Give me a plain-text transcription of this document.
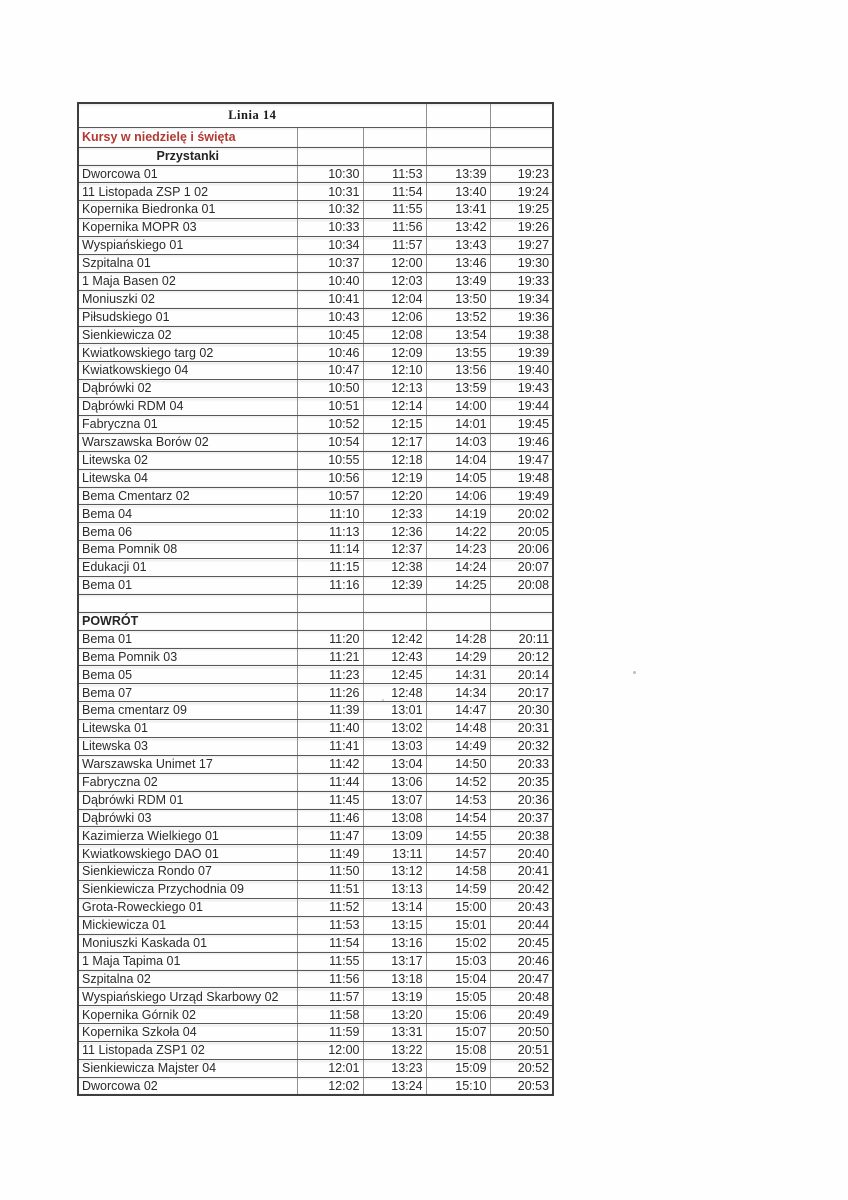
Linia 14				
Kursy w niedzielę i święta				
Przystanki				
Dworcowa 01	10:30	11:53	13:39	19:23
11 Listopada ZSP 1 02	10:31	11:54	13:40	19:24
Kopernika Biedronka 01	10:32	11:55	13:41	19:25
Kopernika MOPR 03	10:33	11:56	13:42	19:26
Wyspiańskiego 01	10:34	11:57	13:43	19:27
Szpitalna 01	10:37	12:00	13:46	19:30
1 Maja Basen 02	10:40	12:03	13:49	19:33
Moniuszki 02	10:41	12:04	13:50	19:34
Piłsudskiego 01	10:43	12:06	13:52	19:36
Sienkiewicza 02	10:45	12:08	13:54	19:38
Kwiatkowskiego targ 02	10:46	12:09	13:55	19:39
Kwiatkowskiego 04	10:47	12:10	13:56	19:40
Dąbrówki 02	10:50	12:13	13:59	19:43
Dąbrówki RDM 04	10:51	12:14	14:00	19:44
Fabryczna 01	10:52	12:15	14:01	19:45
Warszawska Borów 02	10:54	12:17	14:03	19:46
Litewska 02	10:55	12:18	14:04	19:47
Litewska 04	10:56	12:19	14:05	19:48
Bema Cmentarz 02	10:57	12:20	14:06	19:49
Bema 04	11:10	12:33	14:19	20:02
Bema 06	11:13	12:36	14:22	20:05
Bema Pomnik 08	11:14	12:37	14:23	20:06
Edukacji 01	11:15	12:38	14:24	20:07
Bema 01	11:16	12:39	14:25	20:08

POWRÓT				
Bema 01	11:20	12:42	14:28	20:11
Bema Pomnik 03	11:21	12:43	14:29	20:12
Bema 05	11:23	12:45	14:31	20:14
Bema 07	11:26	12:48	14:34	20:17
Bema cmentarz 09	11:39	13:01	14:47	20:30
Litewska 01	11:40	13:02	14:48	20:31
Litewska 03	11:41	13:03	14:49	20:32
Warszawska Unimet 17	11:42	13:04	14:50	20:33
Fabryczna 02	11:44	13:06	14:52	20:35
Dąbrówki RDM 01	11:45	13:07	14:53	20:36
Dąbrówki 03	11:46	13:08	14:54	20:37
Kazimierza Wielkiego 01	11:47	13:09	14:55	20:38
Kwiatkowskiego DAO 01	11:49	13:11	14:57	20:40
Sienkiewicza Rondo 07	11:50	13:12	14:58	20:41
Sienkiewicza Przychodnia 09	11:51	13:13	14:59	20:42
Grota-Roweckiego 01	11:52	13:14	15:00	20:43
Mickiewicza 01	11:53	13:15	15:01	20:44
Moniuszki Kaskada 01	11:54	13:16	15:02	20:45
1 Maja Tapima 01	11:55	13:17	15:03	20:46
Szpitalna 02	11:56	13:18	15:04	20:47
Wyspiańskiego Urząd Skarbowy 02	11:57	13:19	15:05	20:48
Kopernika Górnik 02	11:58	13:20	15:06	20:49
Kopernika Szkoła 04	11:59	13:31	15:07	20:50
11 Listopada ZSP1 02	12:00	13:22	15:08	20:51
Sienkiewicza Majster 04	12:01	13:23	15:09	20:52
Dworcowa 02	12:02	13:24	15:10	20:53
